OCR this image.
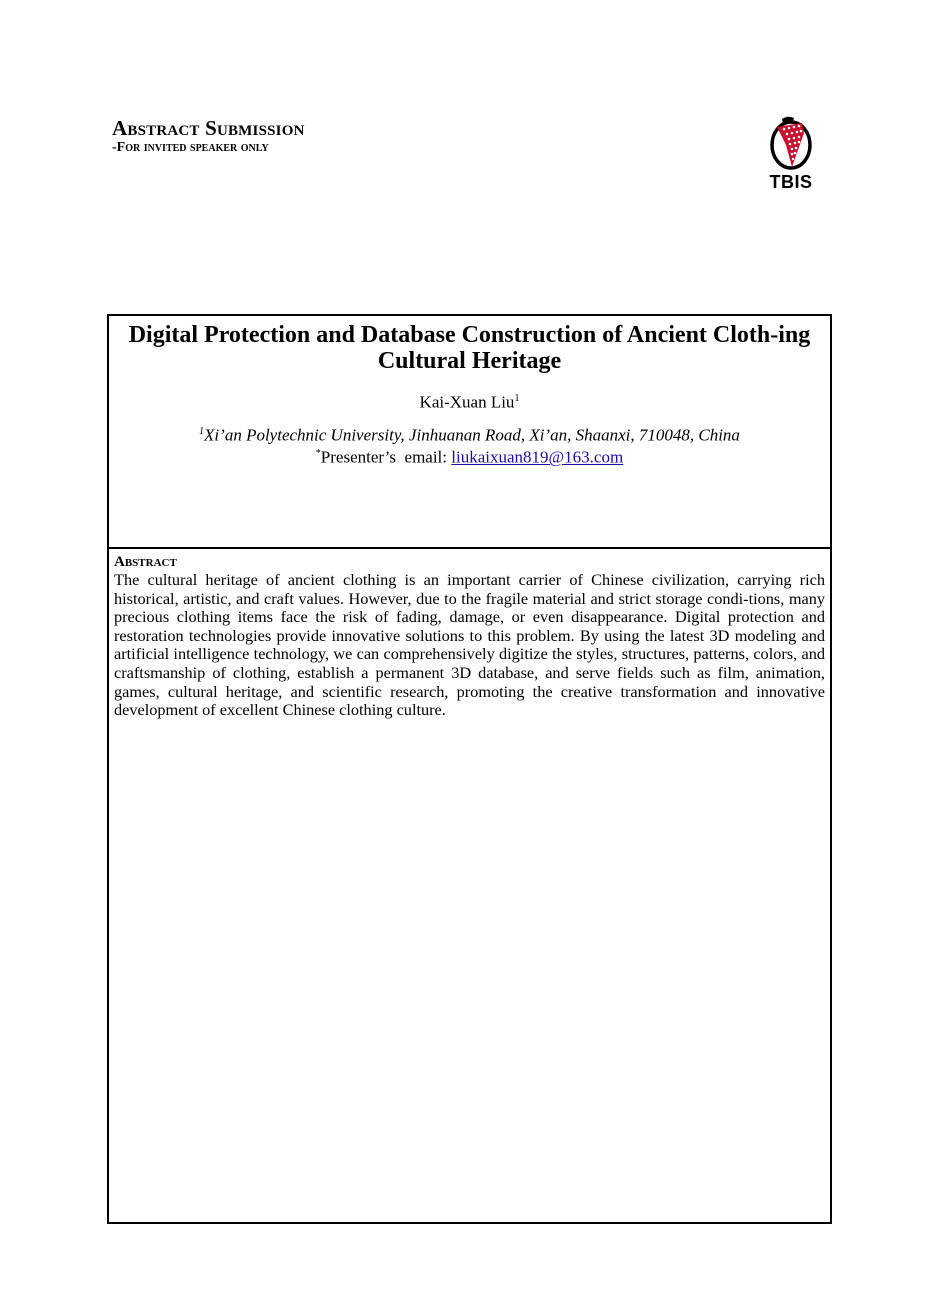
Abstract Submission
-For invited speaker only
TBIS
Digital Protection and Database Construction of Ancient Cloth-ing Cultural Heritage
Kai-Xuan Liu$^1$
$^1$Xi’an Polytechnic University, Jinhuanan Road, Xi’an, Shaanxi, 710048, China
*Presenter’s  email: liukaixuan819@163.com

Abstract

The cultural heritage of ancient clothing is an important carrier of Chinese civilization, carrying rich historical, artistic, and craft values. However, due to the fragile material and strict storage condi-tions, many precious clothing items face the risk of fading, damage, or even disappearance. Digital protection and restoration technologies provide innovative solutions to this problem. By using the latest 3D modeling and artificial intelligence technology, we can comprehensively digitize the styles, structures, patterns, colors, and craftsmanship of clothing, establish a permanent 3D database, and serve fields such as film, animation, games, cultural heritage, and scientific research, promoting the creative transformation and innovative development of excellent Chinese clothing culture.
